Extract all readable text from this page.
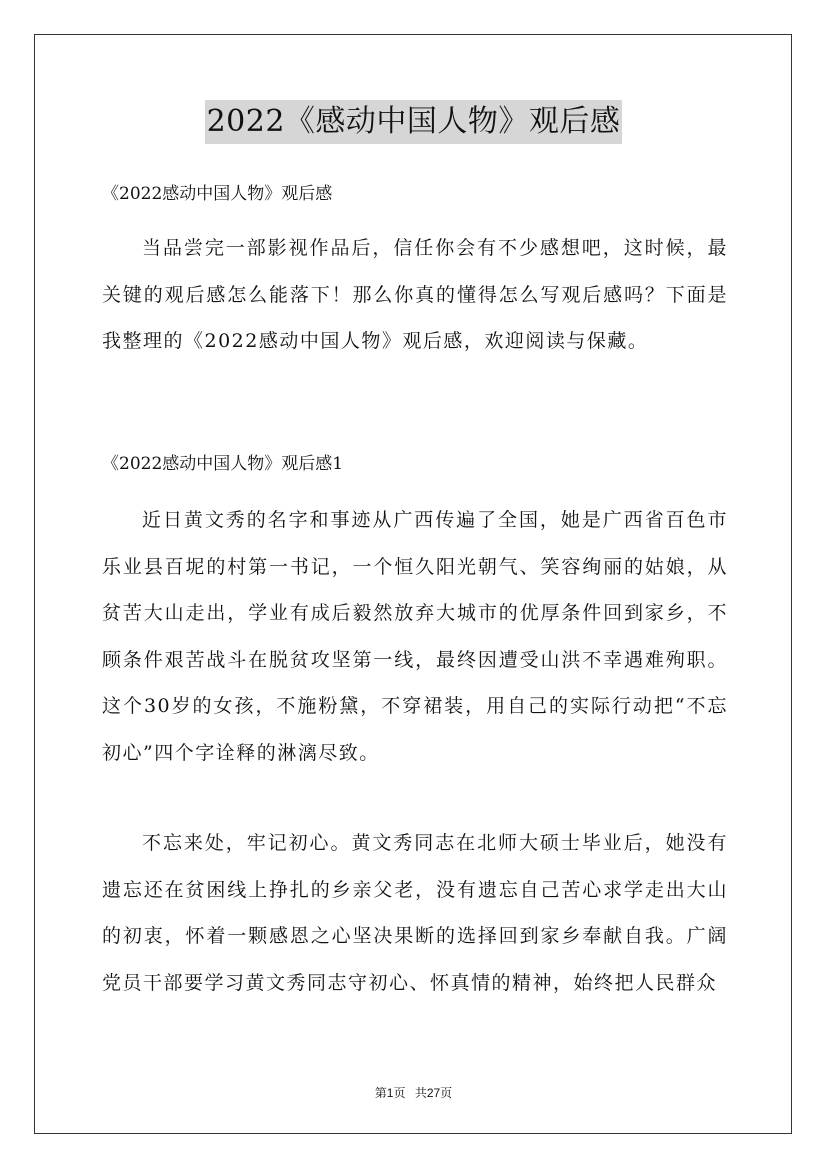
2022《感动中国人物》观后感
《2022感动中国人物》观后感

当品尝完一部影视作品后，信任你会有不少感想吧，这时候，最关键的观后感怎么能落下！那么你真的懂得怎么写观后感吗？下面是我整理的《2022感动中国人物》观后感，欢迎阅读与保藏。

《2022感动中国人物》观后感1

近日黄文秀的名字和事迹从广西传遍了全国，她是广西省百色市乐业县百坭的村第一书记，一个恒久阳光朝气、笑容绚丽的姑娘，从贫苦大山走出，学业有成后毅然放弃大城市的优厚条件回到家乡，不顾条件艰苦战斗在脱贫攻坚第一线，最终因遭受山洪不幸遇难殉职。这个30岁的女孩，不施粉黛，不穿裙装，用自己的实际行动把“不忘初心”四个字诠释的淋漓尽致。

不忘来处，牢记初心。黄文秀同志在北师大硕士毕业后，她没有遗忘还在贫困线上挣扎的乡亲父老，没有遗忘自己苦心求学走出大山的初衷，怀着一颗感恩之心坚决果断的选择回到家乡奉献自我。广阔党员干部要学习黄文秀同志守初心、怀真情的精神，始终把人民群众

第1页 共27页
